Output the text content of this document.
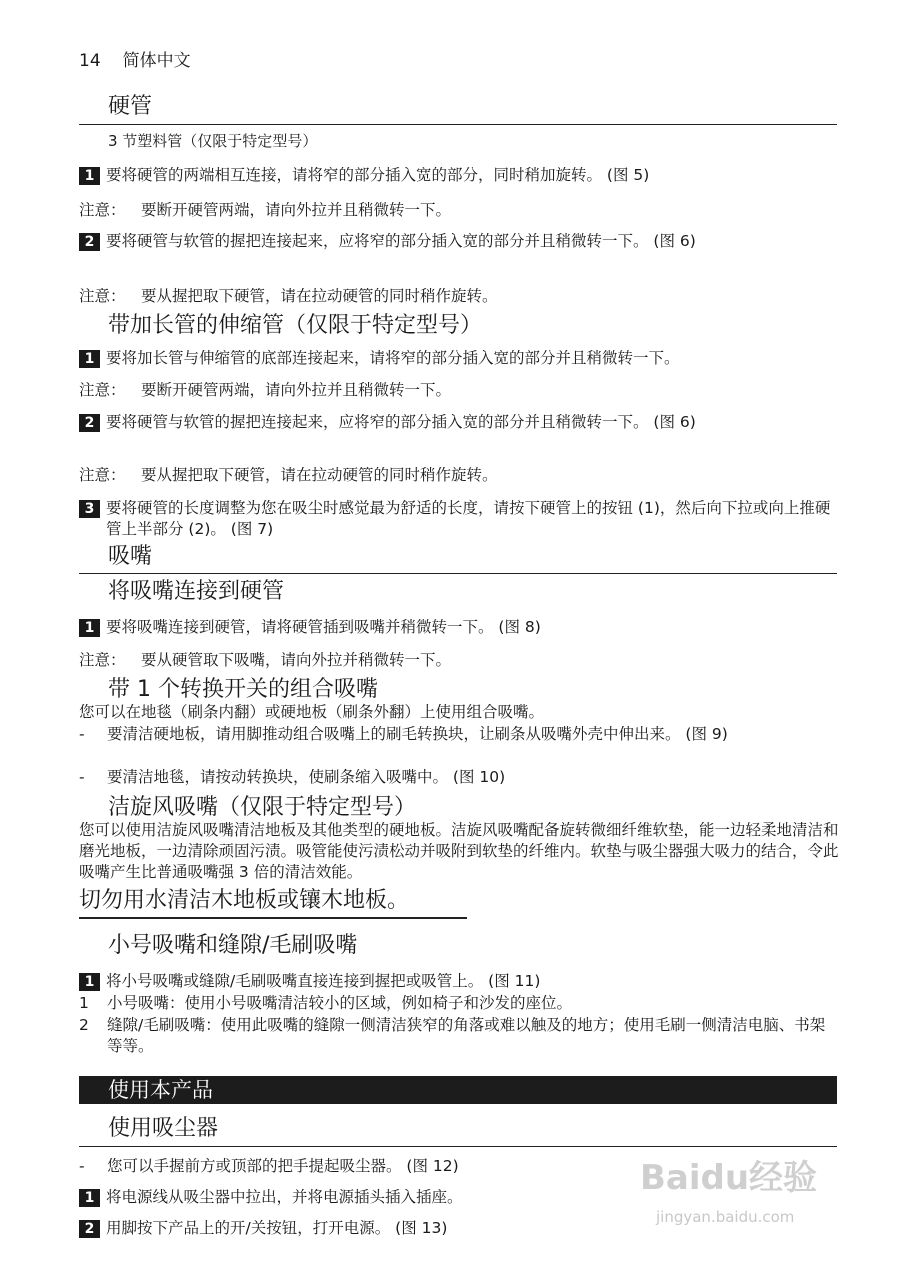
14 简体中文
硬管
3 节塑料管（仅限于特定型号）
1 要将硬管的两端相互连接，请将窄的部分插入宽的部分，同时稍加旋转。 (图 5)
注意： 要断开硬管两端，请向外拉并且稍微转一下。
2 要将硬管与软管的握把连接起来，应将窄的部分插入宽的部分并且稍微转一下。 (图 6)
注意： 要从握把取下硬管，请在拉动硬管的同时稍作旋转。
带加长管的伸缩管（仅限于特定型号）
1 要将加长管与伸缩管的底部连接起来，请将窄的部分插入宽的部分并且稍微转一下。
注意： 要断开硬管两端，请向外拉并且稍微转一下。
2 要将硬管与软管的握把连接起来，应将窄的部分插入宽的部分并且稍微转一下。 (图 6)
注意： 要从握把取下硬管，请在拉动硬管的同时稍作旋转。
3 要将硬管的长度调整为您在吸尘时感觉最为舒适的长度，请按下硬管上的按钮 (1)，然后向下拉或向上推硬管上半部分 (2)。 (图 7)
吸嘴
将吸嘴连接到硬管
1 要将吸嘴连接到硬管，请将硬管插到吸嘴并稍微转一下。 (图 8)
注意： 要从硬管取下吸嘴，请向外拉并稍微转一下。
带 1 个转换开关的组合吸嘴
您可以在地毯（刷条内翻）或硬地板（刷条外翻）上使用组合吸嘴。
-	要清洁硬地板，请用脚推动组合吸嘴上的刷毛转换块，让刷条从吸嘴外壳中伸出来。 (图 9)
-	要清洁地毯，请按动转换块，使刷条缩入吸嘴中。 (图 10)
洁旋风吸嘴（仅限于特定型号）
您可以使用洁旋风吸嘴清洁地板及其他类型的硬地板。洁旋风吸嘴配备旋转微细纤维软垫，能一边轻柔地清洁和磨光地板，一边清除顽固污渍。吸管能使污渍松动并吸附到软垫的纤维内。软垫与吸尘器强大吸力的结合，令此吸嘴产生比普通吸嘴强 3 倍的清洁效能。
切勿用水清洁木地板或镶木地板。
小号吸嘴和缝隙/毛刷吸嘴
1 将小号吸嘴或缝隙/毛刷吸嘴直接连接到握把或吸管上。 (图 11)
1	小号吸嘴：使用小号吸嘴清洁较小的区域，例如椅子和沙发的座位。
2	缝隙/毛刷吸嘴：使用此吸嘴的缝隙一侧清洁狭窄的角落或难以触及的地方；使用毛刷一侧清洁电脑、书架等等。
使用本产品
使用吸尘器
-	您可以手握前方或顶部的把手提起吸尘器。 (图 12)
1 将电源线从吸尘器中拉出，并将电源插头插入插座。
2 用脚按下产品上的开/关按钮，打开电源。 (图 13)
Baidu经验
jingyan.baidu.com
